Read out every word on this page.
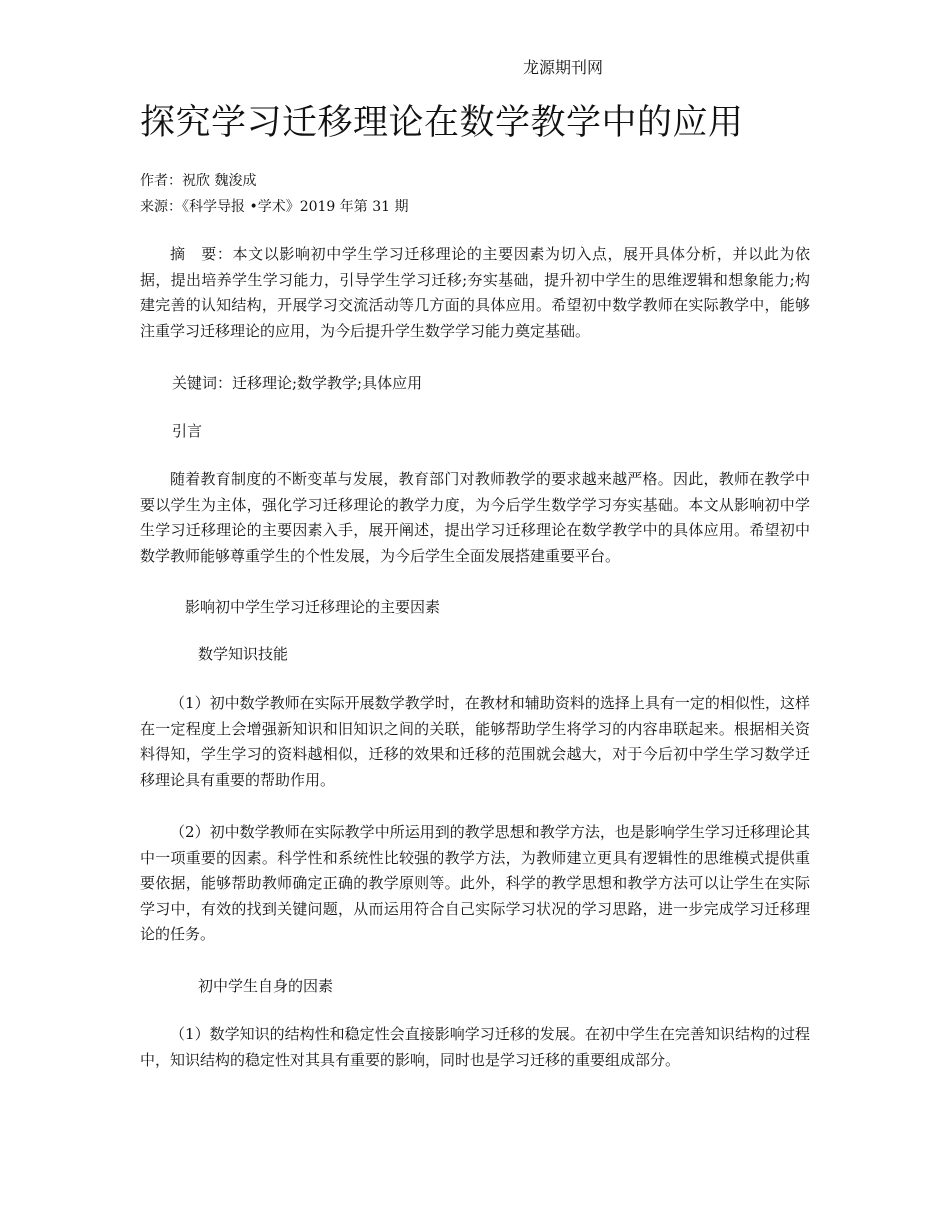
龙源期刊网
探究学习迁移理论在数学教学中的应用
作者：祝欣 魏浚成
来源：《科学导报 •学术》2019 年第 31 期

摘　要：本文以影响初中学生学习迁移理论的主要因素为切入点，展开具体分析，并以此为依据，提出培养学生学习能力，引导学生学习迁移;夯实基础，提升初中学生的思维逻辑和想象能力;构建完善的认知结构，开展学习交流活动等几方面的具体应用。希望初中数学教师在实际教学中，能够注重学习迁移理论的应用，为今后提升学生数学学习能力奠定基础。

关键词：迁移理论;数学教学;具体应用
引言

随着教育制度的不断变革与发展，教育部门对教师教学的要求越来越严格。因此，教师在教学中要以学生为主体，强化学习迁移理论的教学力度，为今后学生数学学习夯实基础。本文从影响初中学生学习迁移理论的主要因素入手，展开阐述，提出学习迁移理论在数学教学中的具体应用。希望初中数学教师能够尊重学生的个性发展，为今后学生全面发展搭建重要平台。

影响初中学生学习迁移理论的主要因素
数学知识技能

（1）初中数学教师在实际开展数学教学时，在教材和辅助资料的选择上具有一定的相似性，这样在一定程度上会增强新知识和旧知识之间的关联，能够帮助学生将学习的内容串联起来。根据相关资料得知，学生学习的资料越相似，迁移的效果和迁移的范围就会越大，对于今后初中学生学习数学迁移理论具有重要的帮助作用。

（2）初中数学教师在实际教学中所运用到的教学思想和教学方法，也是影响学生学习迁移理论其中一项重要的因素。科学性和系统性比较强的教学方法，为教师建立更具有逻辑性的思维模式提供重要依据，能够帮助教师确定正确的教学原则等。此外，科学的教学思想和教学方法可以让学生在实际学习中，有效的找到关键问题，从而运用符合自己实际学习状况的学习思路，进一步完成学习迁移理论的任务。

初中学生自身的因素

（1）数学知识的结构性和稳定性会直接影响学习迁移的发展。在初中学生在完善知识结构的过程中，知识结构的稳定性对其具有重要的影响，同时也是学习迁移的重要组成部分。
